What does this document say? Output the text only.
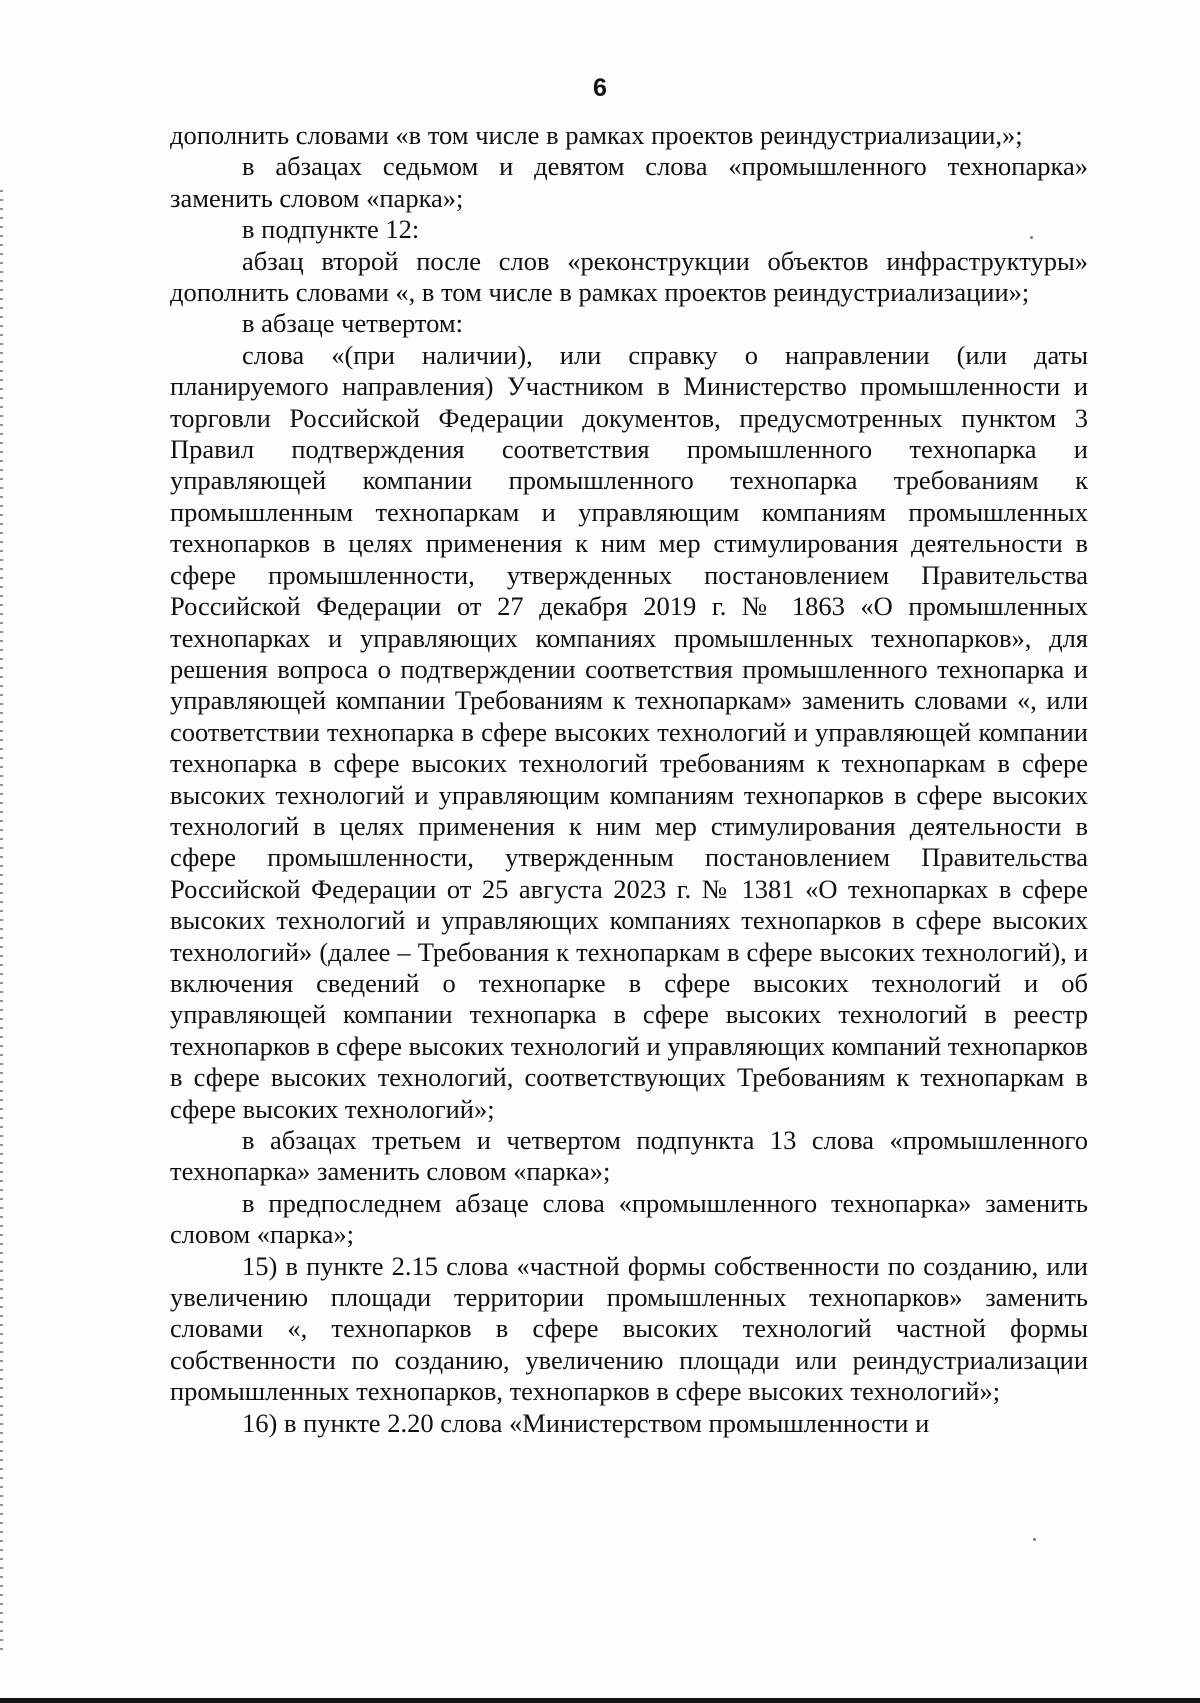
6

дополнить словами «в том числе в рамках проектов реиндустриализации,»;

в абзацах седьмом и девятом слова «промышленного технопарка» заменить словом «парка»;

в подпункте 12:

абзац второй после слов «реконструкции объектов инфраструктуры» дополнить словами «, в том числе в рамках проектов реиндустриализации»;

в абзаце четвертом:

слова «(при наличии), или справку о направлении (или даты планируемого направления) Участником в Министерство промышленности и торговли Российской Федерации документов, предусмотренных пунктом 3 Правил подтверждения соответствия промышленного технопарка и управляющей компании промышленного технопарка требованиям к промышленным технопаркам и управляющим компаниям промышленных технопарков в целях применения к ним мер стимулирования деятельности в сфере промышленности, утвержденных постановлением Правительства Российской Федерации от 27 декабря 2019 г. № 1863 «О промышленных технопарках и управляющих компаниях промышленных технопарков», для решения вопроса о подтверждении соответствия промышленного технопарка и управляющей компании Требованиям к технопаркам» заменить словами «, или соответствии технопарка в сфере высоких технологий и управляющей компании технопарка в сфере высоких технологий требованиям к технопаркам в сфере высоких технологий и управляющим компаниям технопарков в сфере высоких технологий в целях применения к ним мер стимулирования деятельности в сфере промышленности, утвержденным постановлением Правительства Российской Федерации от 25 августа 2023 г. № 1381 «О технопарках в сфере высоких технологий и управляющих компаниях технопарков в сфере высоких технологий» (далее – Требования к технопаркам в сфере высоких технологий), и включения сведений о технопарке в сфере высоких технологий и об управляющей компании технопарка в сфере высоких технологий в реестр технопарков в сфере высоких технологий и управляющих компаний технопарков в сфере высоких технологий, соответствующих Требованиям к технопаркам в сфере высоких технологий»;

в абзацах третьем и четвертом подпункта 13 слова «промышленного технопарка» заменить словом «парка»;

в предпоследнем абзаце слова «промышленного технопарка» заменить словом «парка»;

15) в пункте 2.15 слова «частной формы собственности по созданию, или увеличению площади территории промышленных технопарков» заменить словами «, технопарков в сфере высоких технологий частной формы собственности по созданию, увеличению площади или реиндустриализации промышленных технопарков, технопарков в сфере высоких технологий»;

16) в пункте 2.20 слова «Министерством промышленности и
